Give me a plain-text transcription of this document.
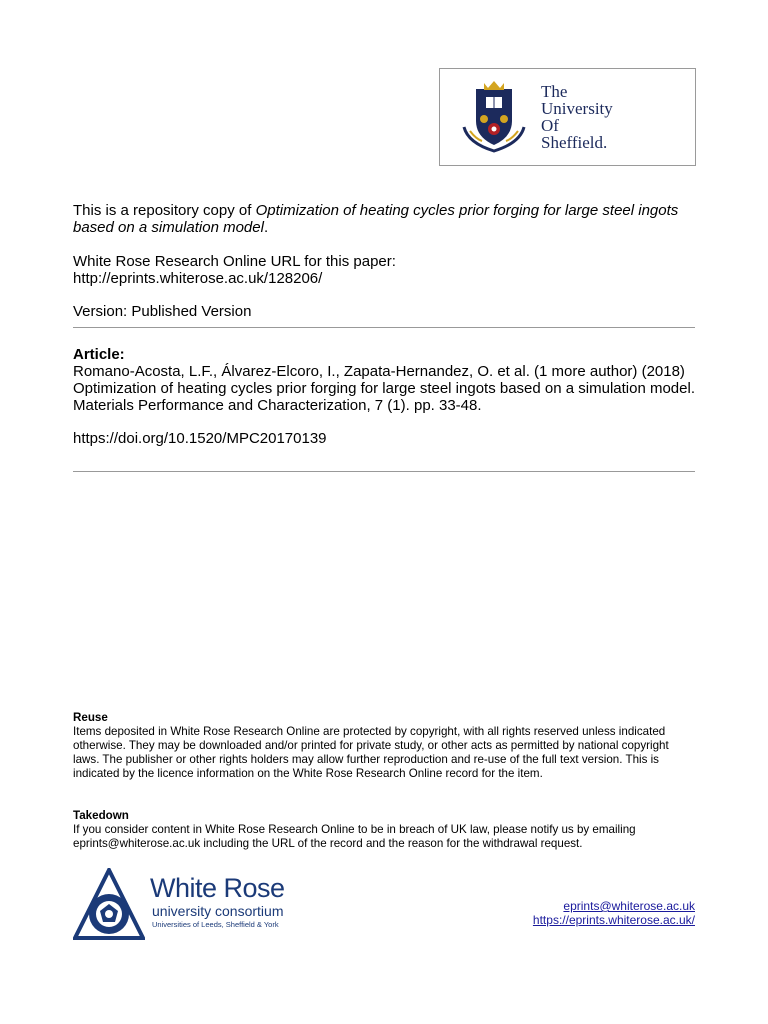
The
University
Of
Sheffield.
This is a repository copy of Optimization of heating cycles prior forging for large steel ingots based on a simulation model.
White Rose Research Online URL for this paper:
http://eprints.whiterose.ac.uk/128206/
Version: Published Version
Article:
Romano-Acosta, L.F., Álvarez-Elcoro, I., Zapata-Hernandez, O. et al. (1 more author) (2018) Optimization of heating cycles prior forging for large steel ingots based on a simulation model. Materials Performance and Characterization, 7 (1). pp. 33-48.
https://doi.org/10.1520/MPC20170139
Reuse
Items deposited in White Rose Research Online are protected by copyright, with all rights reserved unless indicated otherwise. They may be downloaded and/or printed for private study, or other acts as permitted by national copyright laws. The publisher or other rights holders may allow further reproduction and re-use of the full text version. This is indicated by the licence information on the White Rose Research Online record for the item.
Takedown
If you consider content in White Rose Research Online to be in breach of UK law, please notify us by emailing eprints@whiterose.ac.uk including the URL of the record and the reason for the withdrawal request.
White Rose
university consortium
Universities of Leeds, Sheffield & York
eprints@whiterose.ac.uk
https://eprints.whiterose.ac.uk/
